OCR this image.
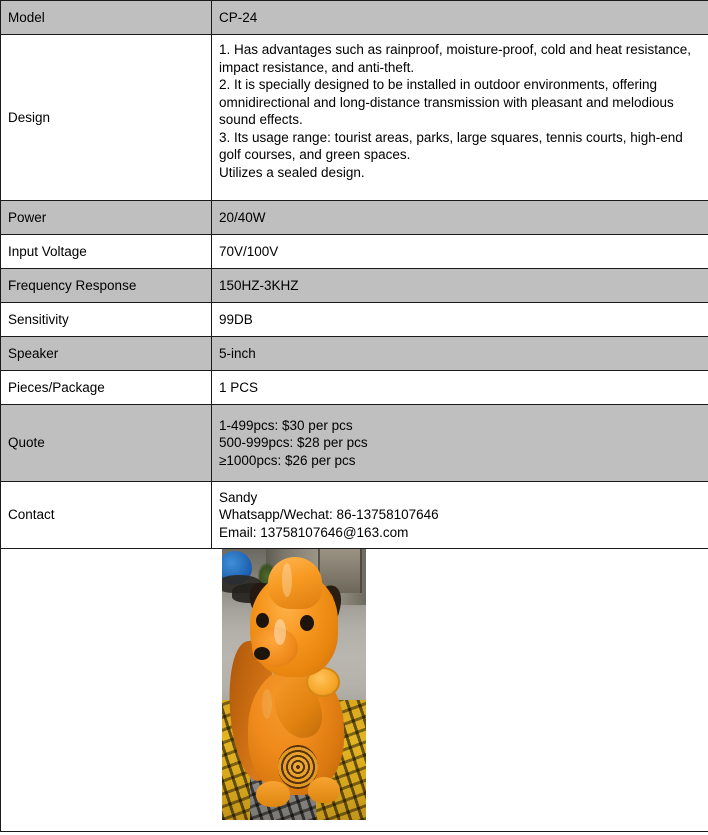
Model	CP-24
Design	1. Has advantages such as rainproof, moisture-proof, cold and heat resistance, impact resistance, and anti-theft.
2. It is specially designed to be installed in outdoor environments, offering omnidirectional and long-distance transmission with pleasant and melodious sound effects.
3. Its usage range: tourist areas, parks, large squares, tennis courts, high-end golf courses, and green spaces.
Utilizes a sealed design.

Power	20/40W
Input Voltage	70V/100V
Frequency Response	150HZ-3KHZ
Sensitivity	99DB
Speaker	5-inch
Pieces/Package	1 PCS
Quote	1-499pcs: $30 per pcs
500-999pcs: $28 per pcs
≥1000pcs: $26 per pcs

Contact	Sandy
Whatsapp/Wechat: 86-13758107646
Email: 13758107646@163.com
